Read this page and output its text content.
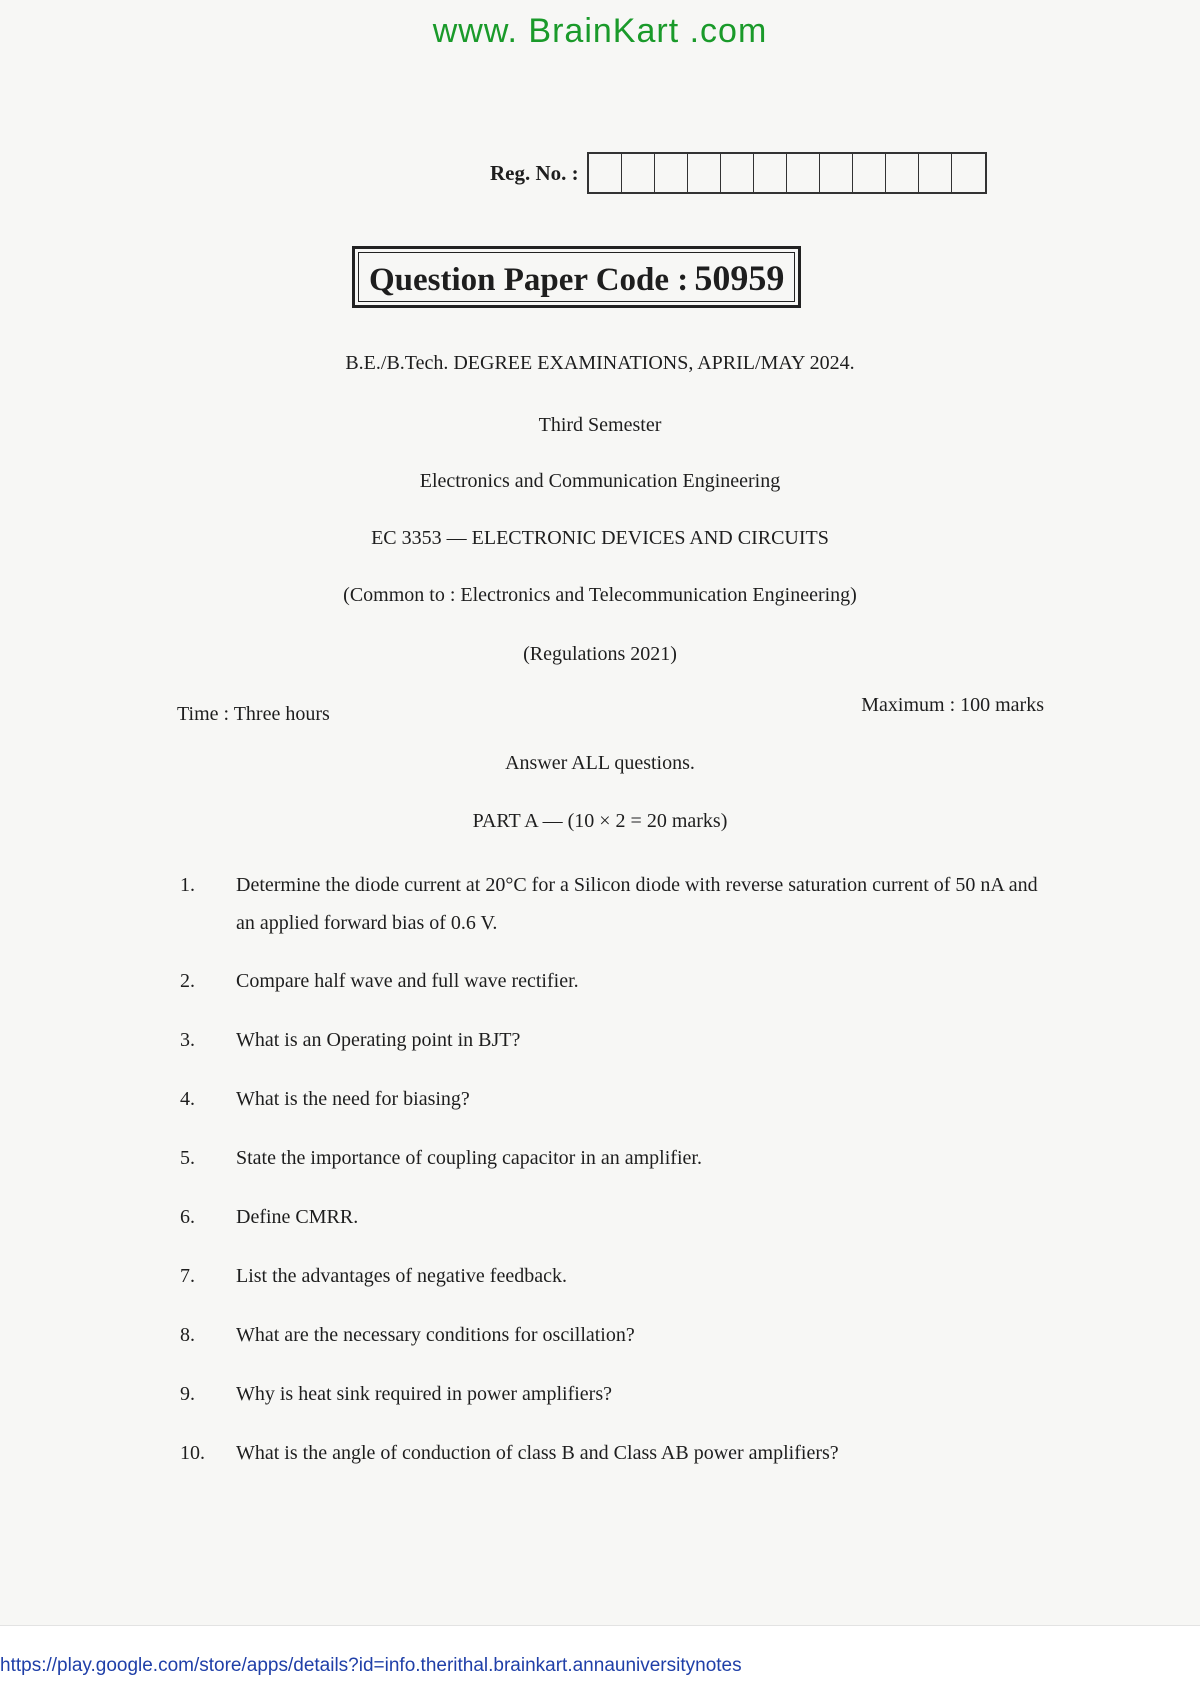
www. BrainKart .com
Reg. No. :
Question Paper Code : 50959
B.E./B.Tech. DEGREE EXAMINATIONS, APRIL/MAY 2024.
Third Semester
Electronics and Communication Engineering
EC 3353 — ELECTRONIC DEVICES AND CIRCUITS
(Common to : Electronics and Telecommunication Engineering)
(Regulations 2021)
Time : Three hours	Maximum : 100 marks
Answer ALL questions.
PART A — (10 × 2 = 20 marks)
1. Determine the diode current at 20°C for a Silicon diode with reverse saturation current of 50 nA and an applied forward bias of 0.6 V.
2. Compare half wave and full wave rectifier.
3. What is an Operating point in BJT?
4. What is the need for biasing?
5. State the importance of coupling capacitor in an amplifier.
6. Define CMRR.
7. List the advantages of negative feedback.
8. What are the necessary conditions for oscillation?
9. Why is heat sink required in power amplifiers?
10. What is the angle of conduction of class B and Class AB power amplifiers?
https://play.google.com/store/apps/details?id=info.therithal.brainkart.annauniversitynotes
